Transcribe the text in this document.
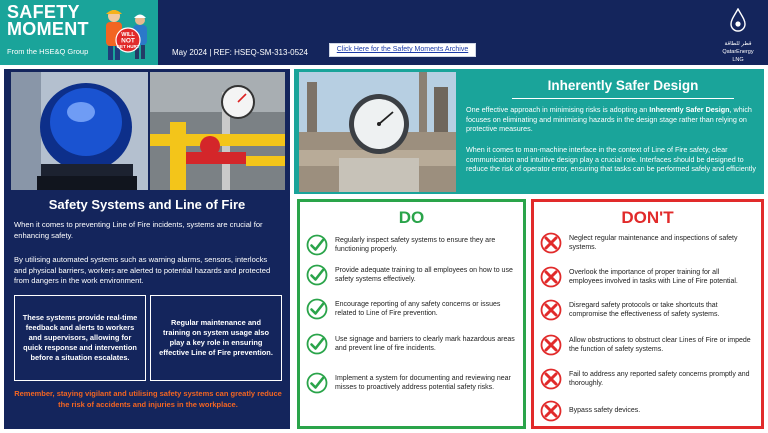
SAFETY
MOMENT
From the HSE&Q Group
WILL
NOT
GET HURT
May 2024 | REF: HSEQ-SM-313-0524	Click Here for the Safety Moments Archive
قطر للطاقة
QatarEnergy
LNG
Safety Systems and Line of Fire
When it comes to preventing Line of Fire incidents, systems are crucial for enhancing safety.
By utilising automated systems such as warning alarms, sensors, interlocks and physical barriers, workers are alerted to potential hazards and protected from dangers in the work environment.
These systems provide real-time feedback and alerts to workers and supervisors, allowing for quick response and intervention before a situation escalates.
Regular maintenance and training on system usage also play a key role in ensuring effective Line of Fire prevention.
Remember, staying vigilant and utilising safety systems can greatly reduce the risk of accidents and injuries in the workplace.
Inherently Safer Design
One effective approach in minimising risks is adopting an Inherently Safer Design, which focuses on eliminating and minimising hazards in the design stage rather than relying on protective measures.
When it comes to man-machine interface in the context of Line of Fire safety, clear communication and intuitive design play a crucial role. Interfaces should be designed to reduce the risk of operator error, ensuring that tasks can be performed safely and efficiently
DO
Regularly inspect safety systems to ensure they are functioning properly.
Provide adequate training to all employees on how to use safety systems effectively.
Encourage reporting of any safety concerns or issues related to Line of Fire prevention.
Use signage and barriers to clearly mark hazardous areas and prevent line of fire incidents.
Implement a system for documenting and reviewing near misses to proactively address potential safety risks.
DON'T
Neglect regular maintenance and inspections of safety systems.
Overlook the importance of proper training for all employees involved in tasks with Line of Fire potential.
Disregard safety protocols or take shortcuts that compromise the effectiveness of safety systems.
Allow obstructions to obstruct clear Lines of Fire or impede the function of safety systems.
Fail to address any reported safety concerns promptly and thoroughly.
Bypass safety devices.
